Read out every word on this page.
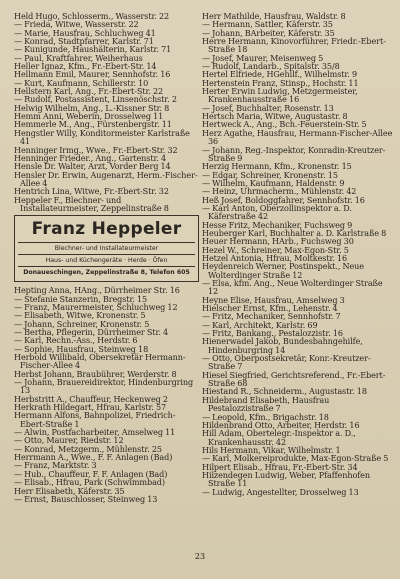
Held Hugo, Schlosserm., Wasserstr. 22
— Frieda, Witwe, Wasserstr. 22
— Marie, Hausfrau, Schluchweg 41
— Konrad, Stadtpfarrer, Karlstr. 71
— Kunigunde, Haushälterin, Karlstr. 71
— Paul, Kraftfahrer, Weiherhaus
Heller Ignaz, Kfm., Fr.-Ebert-Str. 14
Hellmann Emil, Maurer, Sennhofstr. 16
— Kurt, Kaufmann, Schillerstr. 10
Hellstern Karl, Ang., Fr.-Ebert-Str. 22
— Rudolf, Postassistent, Linsenöschstr. 2
Helwig Wilhelm, Ang., L.-Kissner Str. 8
Hemm Anni, Weberin, Drosselweg 11
Hemmerle M., Ang., Fürstenbergstr. 11
Hengstler Willy, Konditormeister Karlstraße 41
Henninger Irmg., Wwe., Fr.-Ebert-Str. 32
Henninger Frieder., Ang., Gartenstr. 4
Hensle Dr. Walter, Arzt, Vorder Berg 14
Hensler Dr. Erwin, Augenarzt, Herm.-Fischer-Allee 4
Hentrich Lina, Witwe, Fr.-Ebert-Str. 32
Heppeler F., Blechner- und Installateurmeister, Zeppelinstraße 8
Franz Heppeler
Blechner- und Installateurmeister
Haus- und Küchengeräte · Herde · Öfen
Donaueschingen, Zeppelinstraße 8, Telefon 605
Hepting Anna, HAng., Dürrheimer Str. 16
— Stefanie Stanzerin, Bregstr. 15
— Franz, Maurermeister, Schluchweg 12
— Elisabeth, Witwe, Kronenstr. 5
— Johann, Schreiner, Kronenstr. 5
— Bertha, Pflegerin, Dürrheimer Str. 4
— Karl, Rechn.-Ass., Herdstr. 6
— Sophie, Hausfrau, Steinweg 18
Herbold Willibald, Obersekretär Hermann-Fischer-Allee 4
Herbst Johann, Braubührer, Werderstr. 8
— Johann, Brauereidirektor, Hindenburgring 13
Herbstritt A., Chauffeur, Heckenweg 2
Herkrath Hildegart, Hfrau, Karlstr. 57
Hermann Alfons, Bahnpolizei, Friedrich-Ebert-Straße 1
— Alwin, Postfacharbeiter, Amselweg 11
— Otto, Maurer, Riedstr. 12
— Konrad, Metzgerm., Mühlenstr. 25
Herrmann A., Wwe., F. F. Anlagen (Bad)
— Franz, Marktstr. 3
— Hub., Chauffeur, F. F. Anlagen (Bad)
— Elisab., Hfrau, Park (Schwimmbad)
Herr Elisabeth, Käferstr. 35
— Ernst, Bauschlosser, Steinweg 13
Herr Mathilde, Hausfrau, Waldstr. 8
— Hermann, Sattler, Käferstr. 35
— Johann, BArbeiter, Käferstr. 35
Herre Hermann, Kinovorführer, Friedr.-Ebert-Straße 18
— Josef, Maurer, Meisenweg 5
— Rudolf, Landarb., Spitalstr. 35/8
Hertel Elfriede, HGehilf., Wilhelmstr. 9
Hertenstein Franz, Stinsp., Hochstr. 11
Herter Erwin Ludwig, Metzgermeister, Krankenhausstraße 16
— Josef, Buchhalter, Rosenstr. 13
Hertsch Maria, Witwe, Augustastr. 8
Hertweck A., Ang., Bch.-Feuerstein-Str. 5
Herz Agathe, Hausfrau, Hermann-Fischer-Allee 36
— Johann, Reg.-Inspektor, Konradin-Kreutzer-Straße 9
Herzig Hermann, Kfm., Kronenstr. 15
— Edgar, Schreiner, Kronenstr. 15
— Wilhelm, Kaufmann, Haldenstr. 9
— Heinz, Uhrmacherm., Mühlenstr. 42
Heß Josef, Boldoggfahrer, Sennhofstr. 16
— Karl Anton, Oberzollinspektor a. D. Käferstraße 42
Hesse Fritz, Mechaniker, Fuchsweg 9
Heuberger Karl, Buchhalter a. D. Karlstraße 8
Heuer Hermann, HArb., Fuchsweg 30
Hezel W., Schreiner, Max-Egon-Str. 5
Hetzel Antonia, Hfrau, Moltkestr. 16
Heydenreich Werner, Postinspekt., Neue Wolterdinger Straße 12
— Elsa, kfm. Ang., Neue Wolterdinger Straße 12
Heyne Elise, Hausfrau, Amselweg 3
Hielscher Ernst, Kfm., Lehenstr. 4
— Fritz, Mechaniker, Sennhofstr. 7
— Karl, Architekt, Karlstr. 69
— Fritz, Bankang., Pestalozzistr. 16
Hienerwadel Jakob, Bundesbahngehilfe, Hindenburgring 14
— Otto, Oberpostsekretär, Konr.-Kreutzer-Straße 7
Hiesel Siegfried, Gerichtsreferend., Fr.-Ebert-Straße 68
Hiestand R., Schneiderm., Augustastr. 18
Hildebrand Elisabeth, Hausfrau Pestalozzistraße 7
— Leopold, Kfm., Brigachstr. 18
Hildenbrand Otto, Arbeiter, Herdstr. 16
Hill Adam, Obertelegr.-Inspektor a. D., Krankenhausstr. 42
Hils Hermann, Vikar, Wilhelmstr. 1
— Karl, Molkereiprodukte, Max-Egon-Straße 5
Hilpert Elisab., Hfrau, Fr.-Ebert-Str. 34
Hilzendegen Ludwig, Weber, Pfaffenhofen Straße 11
— Ludwig, Angestellter, Drosselweg 13
23
